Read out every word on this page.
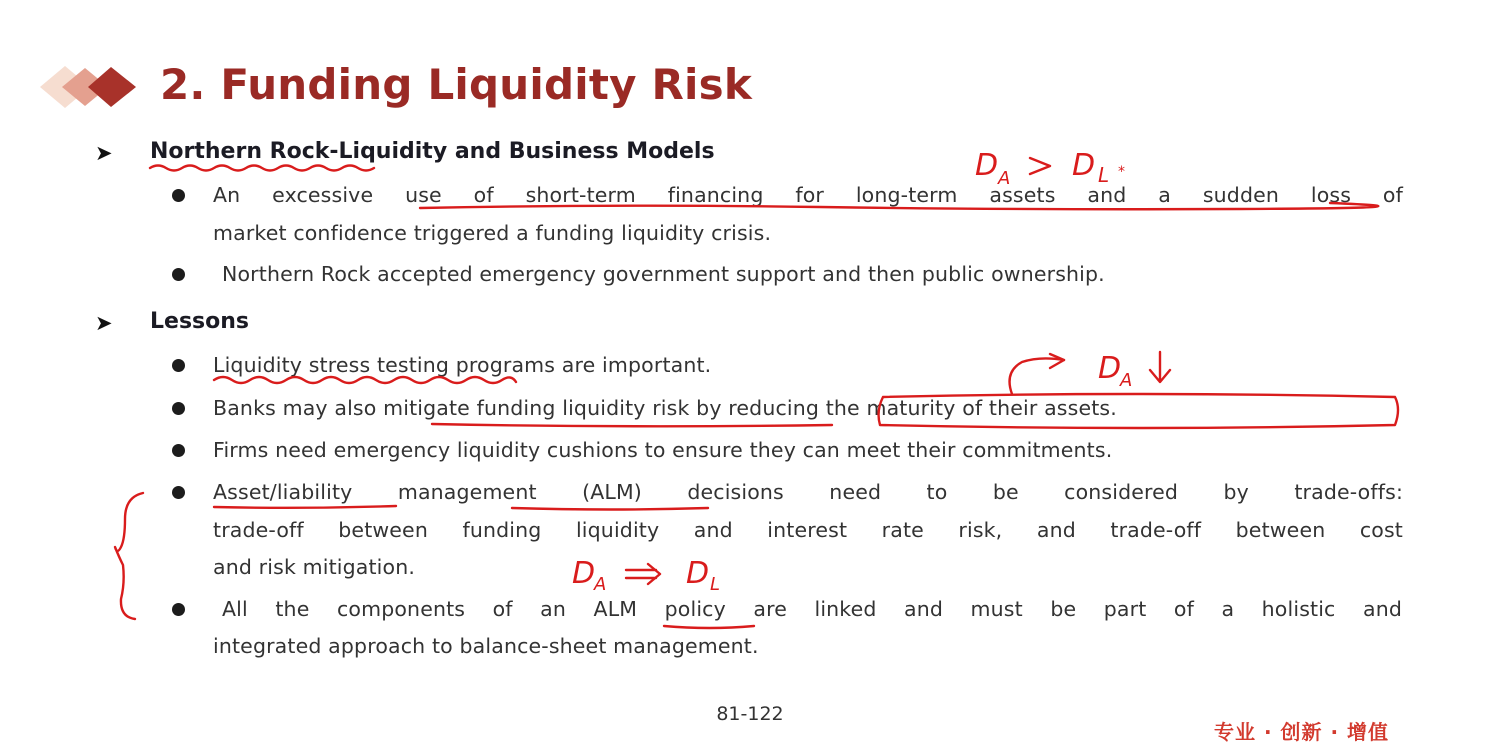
2. Funding Liquidity Risk
➤ Northern Rock-Liquidity and Business Models
An excessive use of short-term financing for long-term assets and a sudden loss of
market confidence triggered a funding liquidity crisis.
Northern Rock accepted emergency government support and then public ownership.
➤ Lessons
Liquidity stress testing programs are important.
Banks may also mitigate funding liquidity risk by reducing the maturity of their assets.
Firms need emergency liquidity cushions to ensure they can meet their commitments.
Asset/liability management (ALM) decisions need to be considered by trade-offs:
trade-off between funding liquidity and interest rate risk, and trade-off between cost
and risk mitigation.
All the components of an ALM policy are linked and must be part of a holistic and
integrated approach to balance-sheet management.
81-122
专业 · 创新 · 增值
D A D L *
D
A
D
A	D L
